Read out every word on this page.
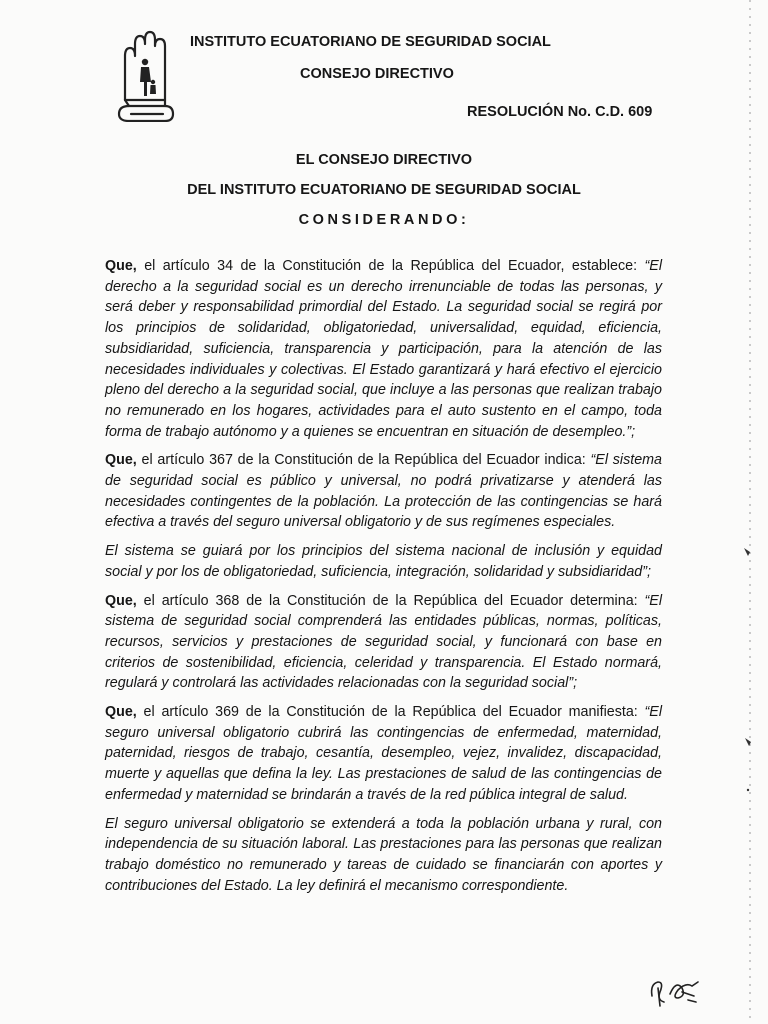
INSTITUTO ECUATORIANO DE SEGURIDAD SOCIAL
CONSEJO DIRECTIVO
RESOLUCIÓN No. C.D. 609
EL CONSEJO DIRECTIVO
DEL INSTITUTO ECUATORIANO DE SEGURIDAD SOCIAL
CONSIDERANDO:

Que, el artículo 34 de la Constitución de la República del Ecuador, establece: “El derecho a la seguridad social es un derecho irrenunciable de todas las personas, y será deber y responsabilidad primordial del Estado. La seguridad social se regirá por los principios de solidaridad, obligatoriedad, universalidad, equidad, eficiencia, subsidiaridad, suficiencia, transparencia y participación, para la atención de las necesidades individuales y colectivas. El Estado garantizará y hará efectivo el ejercicio pleno del derecho a la seguridad social, que incluye a las personas que realizan trabajo no remunerado en los hogares, actividades para el auto sustento en el campo, toda forma de trabajo autónomo y a quienes se encuentran en situación de desempleo.”;

Que, el artículo 367 de la Constitución de la República del Ecuador indica: “El sistema de seguridad social es público y universal, no podrá privatizarse y atenderá las necesidades contingentes de la población. La protección de las contingencias se hará efectiva a través del seguro universal obligatorio y de sus regímenes especiales.

El sistema se guiará por los principios del sistema nacional de inclusión y equidad social y por los de obligatoriedad, suficiencia, integración, solidaridad y subsidiaridad”;

Que, el artículo 368 de la Constitución de la República del Ecuador determina: “El sistema de seguridad social comprenderá las entidades públicas, normas, políticas, recursos, servicios y prestaciones de seguridad social, y funcionará con base en criterios de sostenibilidad, eficiencia, celeridad y transparencia. El Estado normará, regulará y controlará las actividades relacionadas con la seguridad social”;

Que, el artículo 369 de la Constitución de la República del Ecuador manifiesta: “El seguro universal obligatorio cubrirá las contingencias de enfermedad, maternidad, paternidad, riesgos de trabajo, cesantía, desempleo, vejez, invalidez, discapacidad, muerte y aquellas que defina la ley. Las prestaciones de salud de las contingencias de enfermedad y maternidad se brindarán a través de la red pública integral de salud.

El seguro universal obligatorio se extenderá a toda la población urbana y rural, con independencia de su situación laboral. Las prestaciones para las personas que realizan trabajo doméstico no remunerado y tareas de cuidado se financiarán con aportes y contribuciones del Estado. La ley definirá el mecanismo correspondiente.
